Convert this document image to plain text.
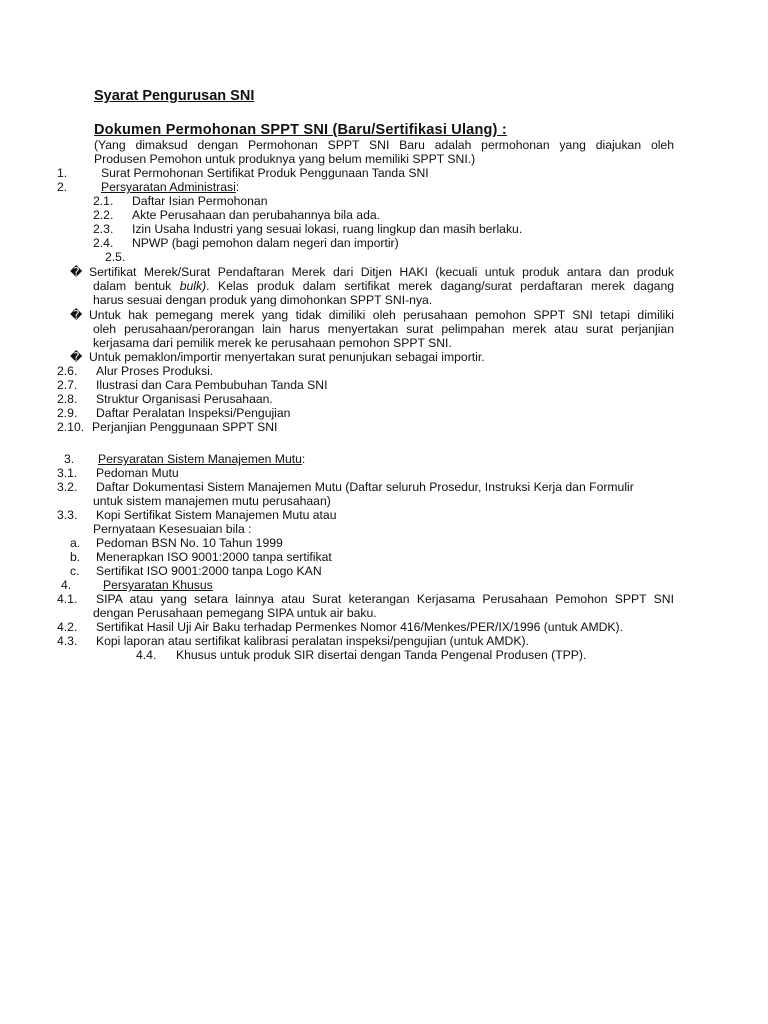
Syarat Pengurusan SNI
Dokumen Permohonan SPPT SNI (Baru/Sertifikasi Ulang) :
(Yang dimaksud dengan Permohonan SPPT SNI Baru adalah permohonan yang diajukan oleh
Produsen Pemohon untuk produknya yang belum memiliki SPPT SNI.)
1.	Surat Permohonan Sertifikat Produk Penggunaan Tanda SNI
2.	Persyaratan Administrasi:
2.1. Daftar Isian Permohonan
2.2. Akte Perusahaan dan perubahannya bila ada.
2.3. Izin Usaha Industri yang sesuai lokasi, ruang lingkup dan masih berlaku.
2.4. NPWP (bagi pemohon dalam negeri dan importir)
2.5.
� Sertifikat Merek/Surat Pendaftaran Merek dari Ditjen HAKI (kecuali untuk produk antara dan produk
dalam bentuk bulk). Kelas produk dalam sertifikat merek dagang/surat perdaftaran merek dagang
harus sesuai dengan produk yang dimohonkan SPPT SNI-nya.
� Untuk hak pemegang merek yang tidak dimiliki oleh perusahaan pemohon SPPT SNI tetapi dimiliki
oleh perusahaan/perorangan lain harus menyertakan surat pelimpahan merek atau surat perjanjian
kerjasama dari pemilik merek ke perusahaan pemohon SPPT SNI.
� Untuk pemaklon/importir menyertakan surat penunjukan sebagai importir.
2.6. Alur Proses Produksi.
2.7. Ilustrasi dan Cara Pembubuhan Tanda SNI
2.8. Struktur Organisasi Perusahaan.
2.9. Daftar Peralatan Inspeksi/Pengujian
2.10. Perjanjian Penggunaan SPPT SNI
3. Persyaratan Sistem Manajemen Mutu:
3.1. Pedoman Mutu
3.2. Daftar Dokumentasi Sistem Manajemen Mutu (Daftar seluruh Prosedur, Instruksi Kerja dan Formulir
untuk sistem manajemen mutu perusahaan)
3.3. Kopi Sertifikat Sistem Manajemen Mutu atau
Pernyataan Kesesuaian bila :
a. Pedoman BSN No. 10 Tahun 1999
b. Menerapkan ISO 9001:2000 tanpa sertifikat
c. Sertifikat ISO 9001:2000 tanpa Logo KAN
4.	Persyaratan Khusus
4.1. SIPA atau yang setara lainnya atau Surat keterangan Kerjasama Perusahaan Pemohon SPPT SNI
dengan Perusahaan pemegang SIPA untuk air baku.
4.2. Sertifikat Hasil Uji Air Baku terhadap Permenkes Nomor 416/Menkes/PER/IX/1996 (untuk AMDK).
4.3. Kopi laporan atau sertifikat kalibrasi peralatan inspeksi/pengujian (untuk AMDK).
4.4. Khusus untuk produk SIR disertai dengan Tanda Pengenal Produsen (TPP).
